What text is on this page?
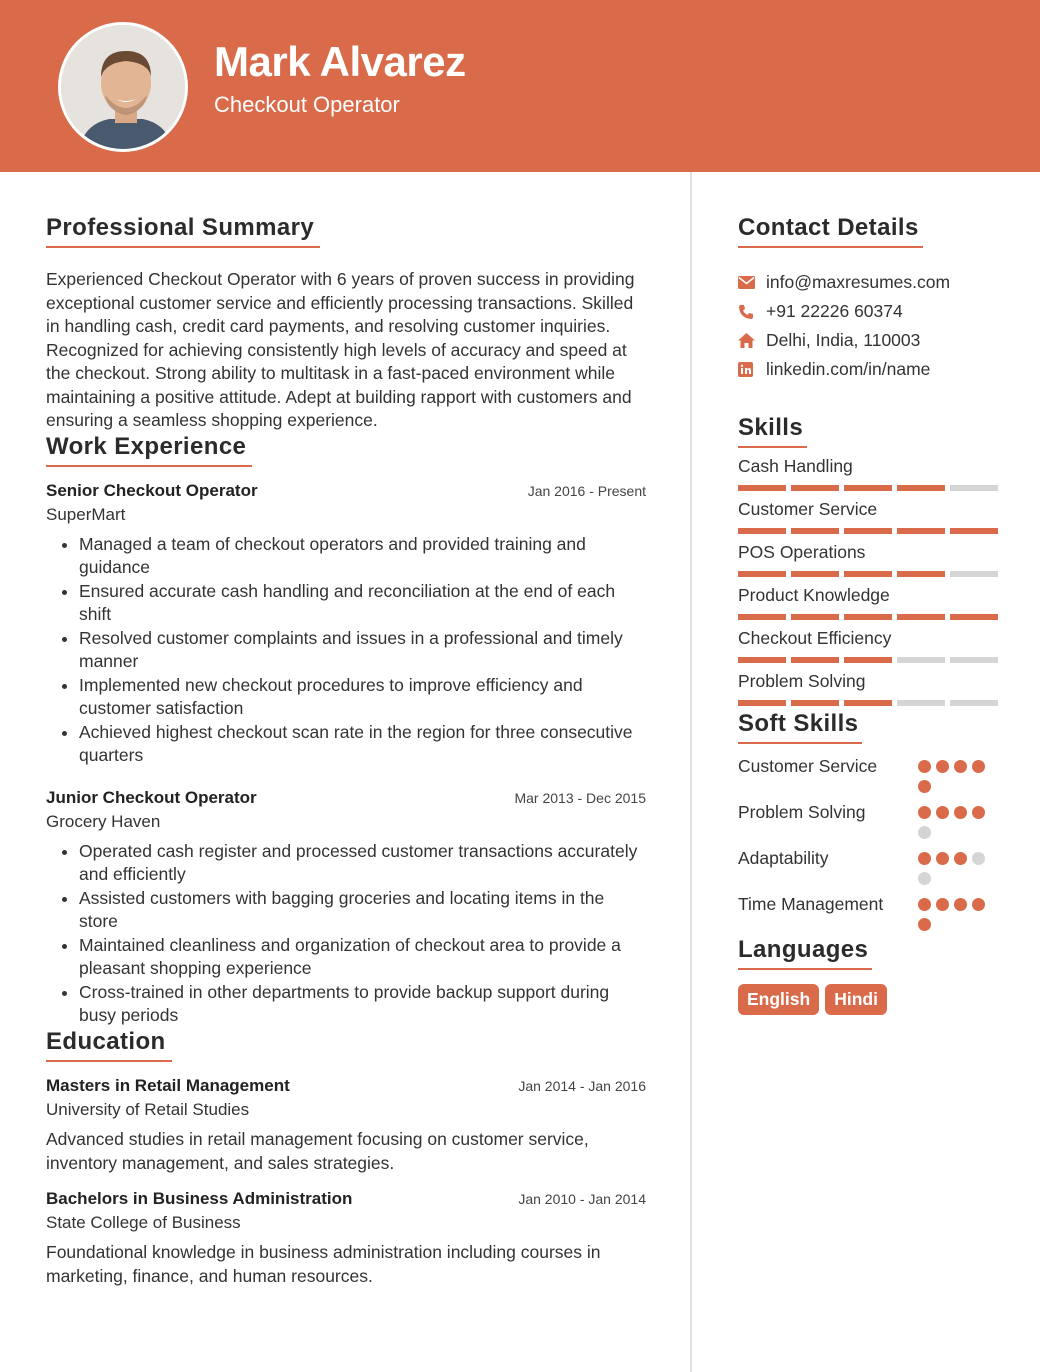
Mark Alvarez
Checkout Operator
Professional Summary

Experienced Checkout Operator with 6 years of proven success in providing exceptional customer service and efficiently processing transactions. Skilled in handling cash, credit card payments, and resolving customer inquiries. Recognized for achieving consistently high levels of accuracy and speed at the checkout. Strong ability to multitask in a fast-paced environment while maintaining a positive attitude. Adept at building rapport with customers and ensuring a seamless shopping experience.

Work Experience
Senior Checkout Operator	Jan 2016 - Present
SuperMart
• Managed a team of checkout operators and provided training and guidance
• Ensured accurate cash handling and reconciliation at the end of each shift
• Resolved customer complaints and issues in a professional and timely manner
• Implemented new checkout procedures to improve efficiency and customer satisfaction
• Achieved highest checkout scan rate in the region for three consecutive quarters
Junior Checkout Operator	Mar 2013 - Dec 2015
Grocery Haven
• Operated cash register and processed customer transactions accurately and efficiently
• Assisted customers with bagging groceries and locating items in the store
• Maintained cleanliness and organization of checkout area to provide a pleasant shopping experience
• Cross-trained in other departments to provide backup support during busy periods
Education
Masters in Retail Management	Jan 2014 - Jan 2016
University of Retail Studies

Advanced studies in retail management focusing on customer service, inventory management, and sales strategies.

Bachelors in Business Administration	Jan 2010 - Jan 2014
State College of Business

Foundational knowledge in business administration including courses in marketing, finance, and human resources.

Contact Details
info@maxresumes.com
+91 22226 60374
Delhi, India, 110003
linkedin.com/in/name
Skills
Cash Handling
Customer Service
POS Operations
Product Knowledge
Checkout Efficiency
Problem Solving
Soft Skills
Customer Service
Problem Solving
Adaptability
Time Management
Languages
English	Hindi
